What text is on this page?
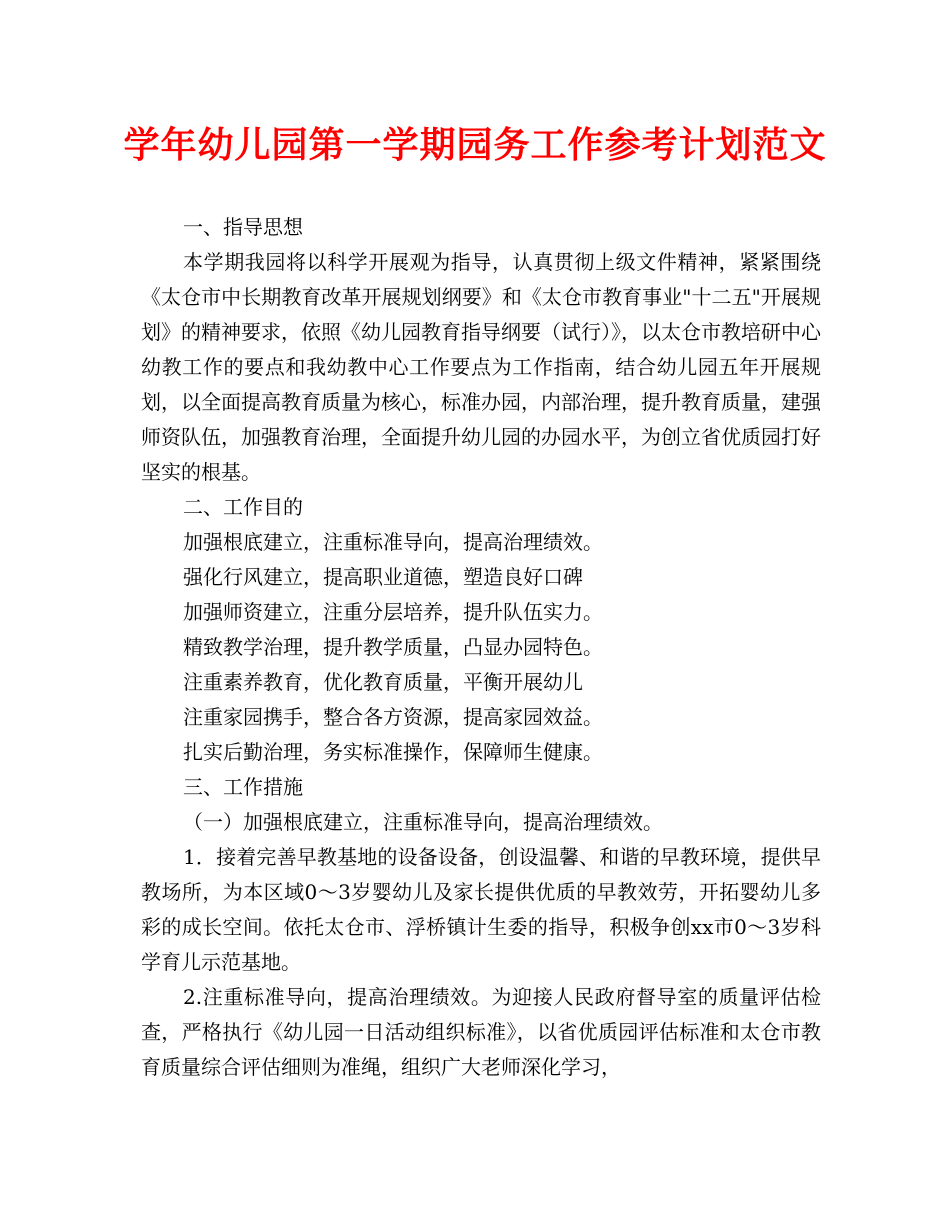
学年幼儿园第一学期园务工作参考计划范文

一、指导思想

本学期我园将以科学开展观为指导，认真贯彻上级文件精神，紧紧围绕《太仓市中长期教育改革开展规划纲要》和《太仓市教育事业"十二五"开展规划》的精神要求，依照《幼儿园教育指导纲要（试行）》，以太仓市教培研中心幼教工作的要点和我幼教中心工作要点为工作指南，结合幼儿园五年开展规划，以全面提高教育质量为核心，标准办园，内部治理，提升教育质量，建强师资队伍，加强教育治理，全面提升幼儿园的办园水平，为创立省优质园打好坚实的根基。

二、工作目的

加强根底建立，注重标准导向，提高治理绩效。

强化行风建立，提高职业道德，塑造良好口碑

加强师资建立，注重分层培养，提升队伍实力。

精致教学治理，提升教学质量，凸显办园特色。

注重素养教育，优化教育质量，平衡开展幼儿

注重家园携手，整合各方资源，提高家园效益。

扎实后勤治理，务实标准操作，保障师生健康。

三、工作措施

（一）加强根底建立，注重标准导向，提高治理绩效。

1．接着完善早教基地的设备设备，创设温馨、和谐的早教环境，提供早教场所，为本区域0～3岁婴幼儿及家长提供优质的早教效劳，开拓婴幼儿多彩的成长空间。依托太仓市、浮桥镇计生委的指导，积极争创xx市0～3岁科学育儿示范基地。

2.注重标准导向，提高治理绩效。为迎接人民政府督导室的质量评估检查，严格执行《幼儿园一日活动组织标准》，以省优质园评估标准和太仓市教育质量综合评估细则为准绳，组织广大老师深化学习，
